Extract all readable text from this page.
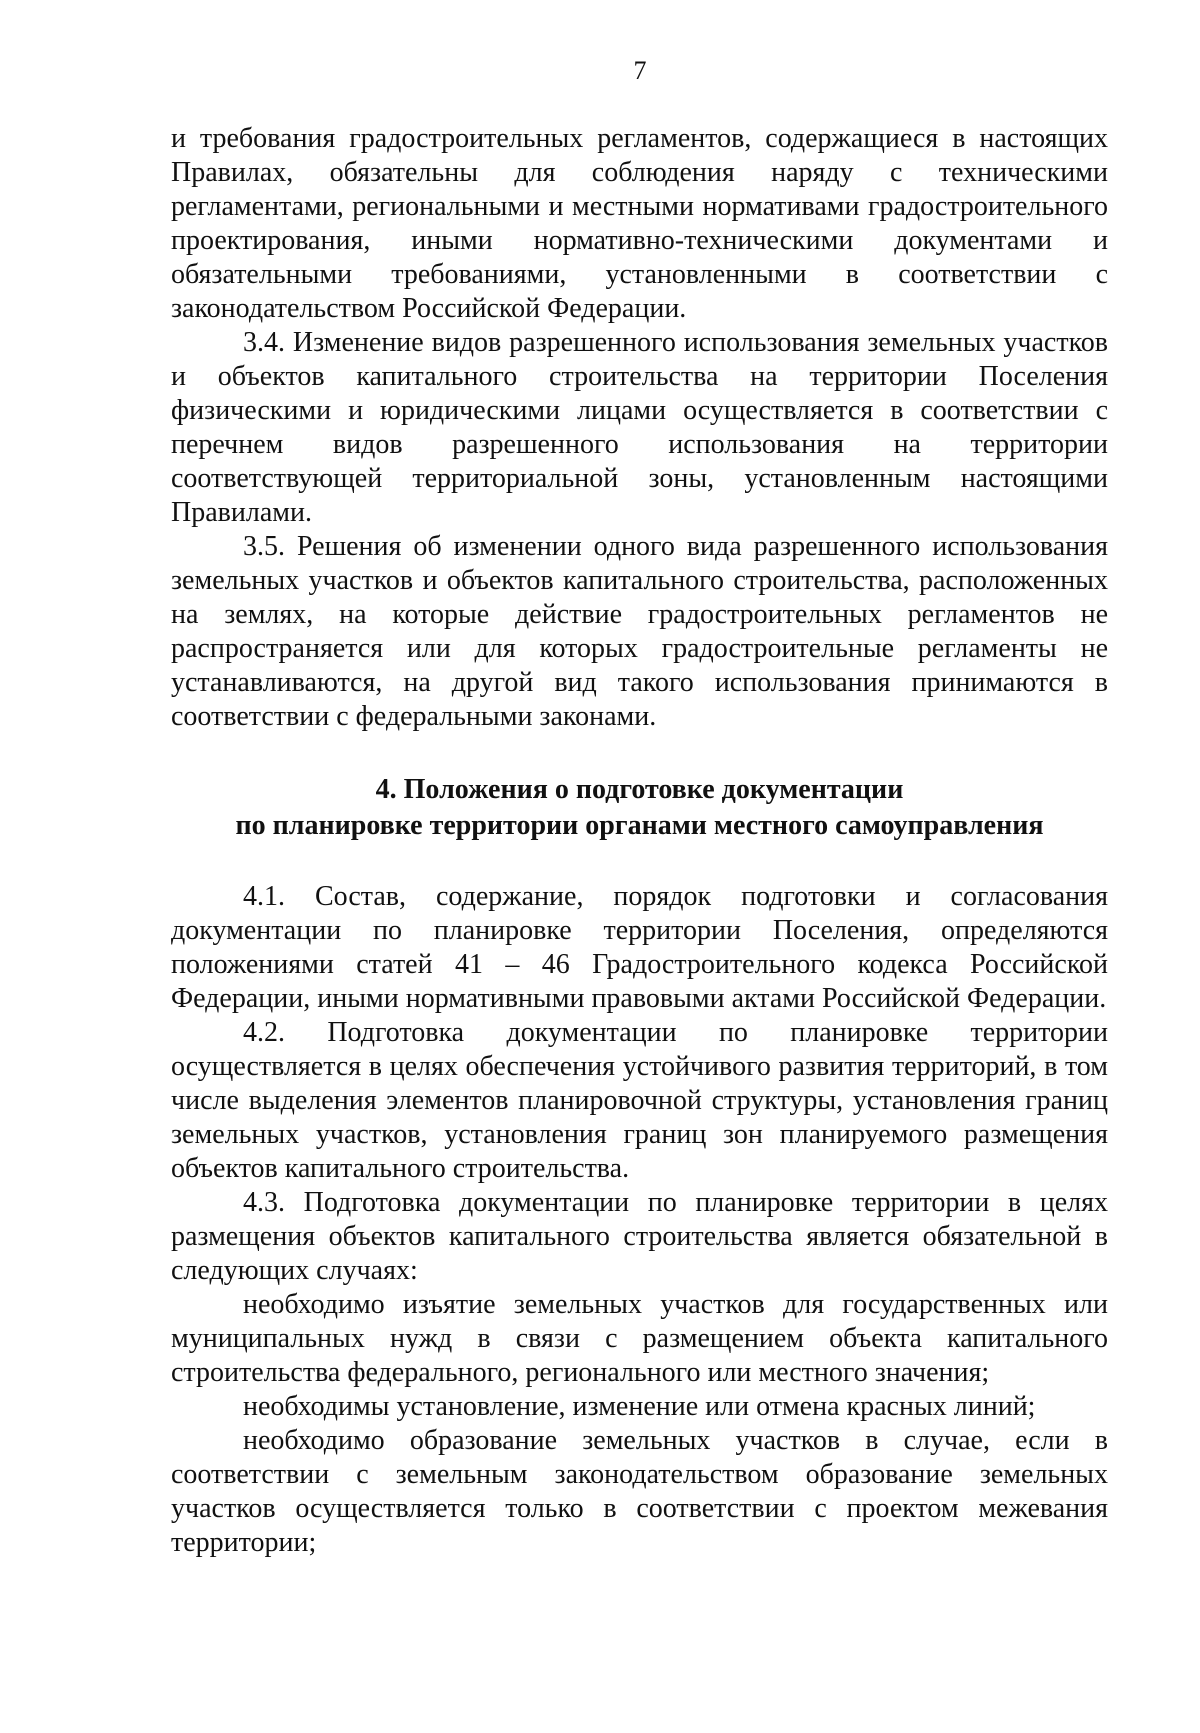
7

и требования градостроительных регламентов, содержащиеся в настоящих Правилах, обязательны для соблюдения наряду с техническими регламентами, региональными и местными нормативами градостроительного проектирования, иными нормативно-техническими документами и обязательными требованиями, установленными в соответствии с законодательством Российской Федерации.

3.4. Изменение видов разрешенного использования земельных участков и объектов капитального строительства на территории Поселения физическими и юридическими лицами осуществляется в соответствии с перечнем видов разрешенного использования на территории соответствующей территориальной зоны, установленным настоящими Правилами.

3.5. Решения об изменении одного вида разрешенного использования земельных участков и объектов капитального строительства, расположенных на землях, на которые действие градостроительных регламентов не распространяется или для которых градостроительные регламенты не устанавливаются, на другой вид такого использования принимаются в соответствии с федеральными законами.

4. Положения о подготовке документации

по планировке территории органами местного самоуправления

4.1. Состав, содержание, порядок подготовки и согласования документации по планировке территории Поселения, определяются положениями статей 41 – 46 Градостроительного кодекса Российской Федерации, иными нормативными правовыми актами Российской Федерации.

4.2. Подготовка документации по планировке территории осуществляется в целях обеспечения устойчивого развития территорий, в том числе выделения элементов планировочной структуры, установления границ земельных участков, установления границ зон планируемого размещения объектов капитального строительства.

4.3. Подготовка документации по планировке территории в целях размещения объектов капитального строительства является обязательной в следующих случаях:

необходимо изъятие земельных участков для государственных или муниципальных нужд в связи с размещением объекта капитального строительства федерального, регионального или местного значения;

необходимы установление, изменение или отмена красных линий;

необходимо образование земельных участков в случае, если в соответствии с земельным законодательством образование земельных участков осуществляется только в соответствии с проектом межевания территории;
